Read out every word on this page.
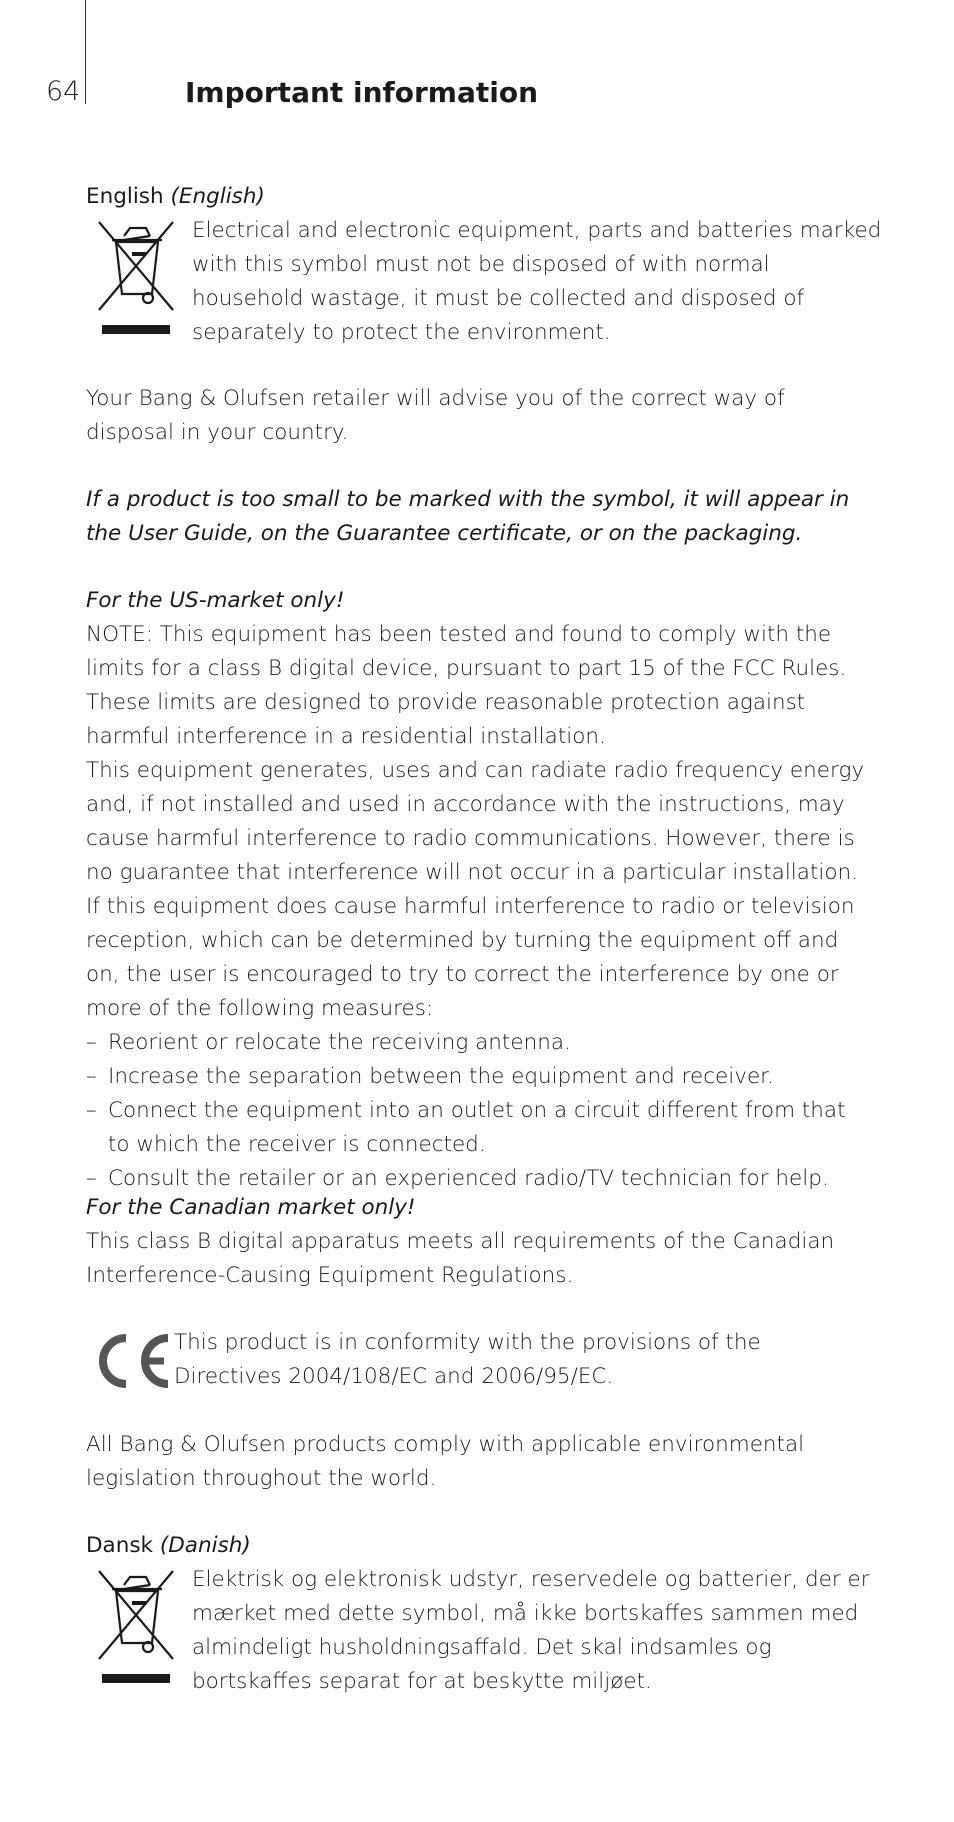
64	Important information
English (English)
Electrical and electronic equipment, parts and batteries marked with this symbol must not be disposed of with normal household wastage, it must be collected and disposed of separately to protect the environment.
Your Bang & Olufsen retailer will advise you of the correct way of disposal in your country.
If a product is too small to be marked with the symbol, it will appear in the User Guide, on the Guarantee certificate, or on the packaging.

For the US-market only!

NOTE: This equipment has been tested and found to comply with the limits for a class B digital device, pursuant to part 15 of the FCC Rules. These limits are designed to provide reasonable protection against harmful interference in a residential installation.

This equipment generates, uses and can radiate radio frequency energy and, if not installed and used in accordance with the instructions, may cause harmful interference to radio communications. However, there is no guarantee that interference will not occur in a particular installation. If this equipment does cause harmful interference to radio or television reception, which can be determined by turning the equipment off and on, the user is encouraged to try to correct the interference by one or more of the following measures:

– Reorient or relocate the receiving antenna.
– Increase the separation between the equipment and receiver.
– Connect the equipment into an outlet on a circuit different from that to which the receiver is connected.
– Consult the retailer or an experienced radio/TV technician for help.

For the Canadian market only!

This class B digital apparatus meets all requirements of the Canadian Interference-Causing Equipment Regulations.

This product is in conformity with the provisions of the Directives 2004/108/EC and 2006/95/EC.
All Bang & Olufsen products comply with applicable environmental legislation throughout the world.
Dansk (Danish)
Elektrisk og elektronisk udstyr, reservedele og batterier, der er mærket med dette symbol, må ikke bortskaffes sammen med almindeligt husholdningsaffald. Det skal indsamles og bortskaffes separat for at beskytte miljøet.
